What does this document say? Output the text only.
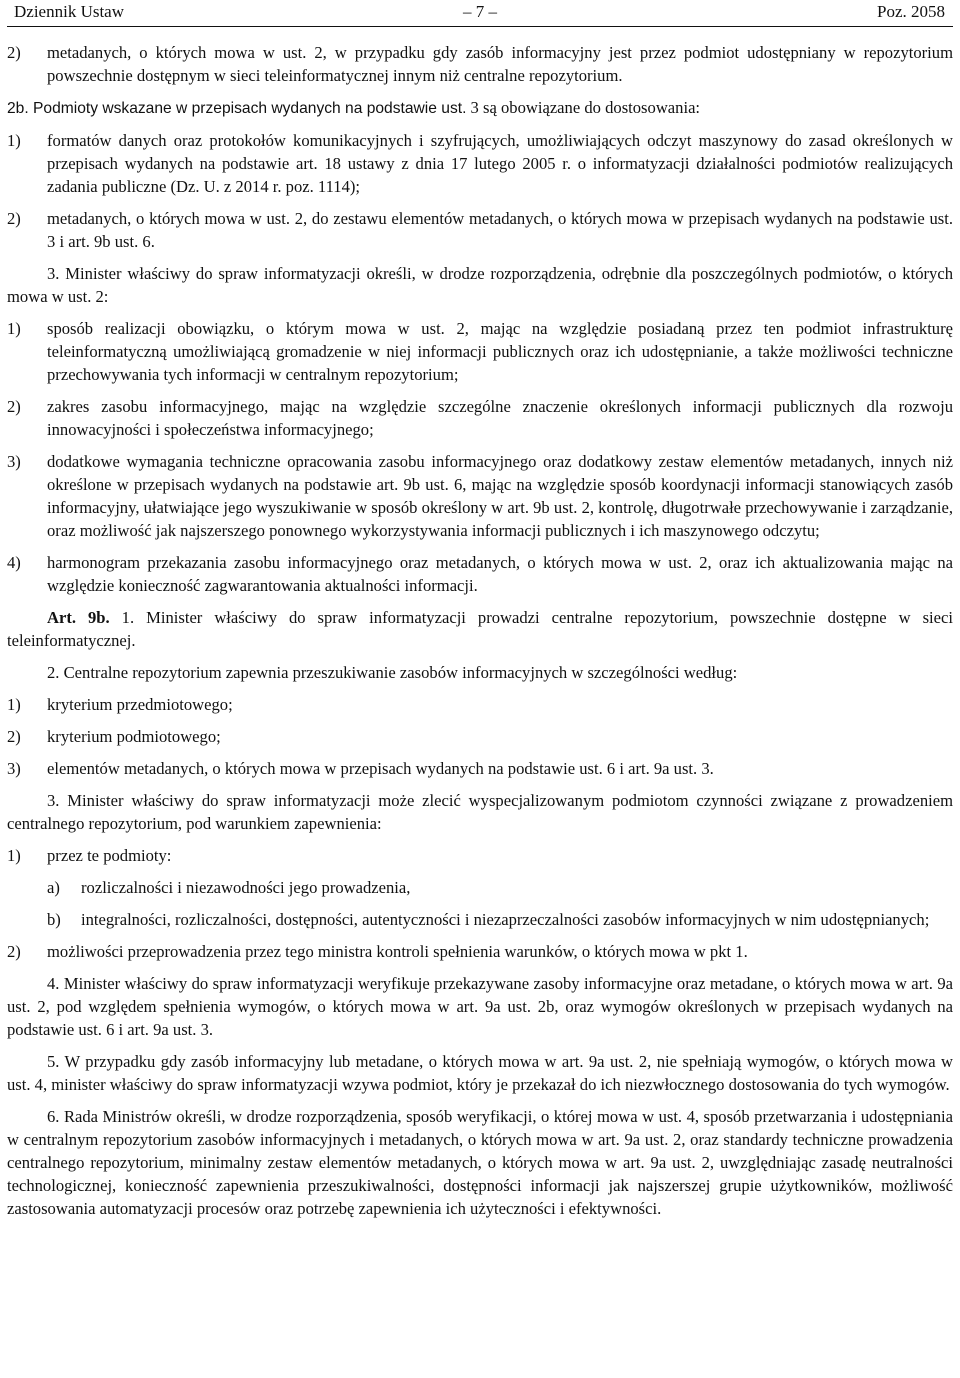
Dziennik Ustaw	– 7 –	Poz. 2058
2)	metadanych, o których mowa w ust. 2, w przypadku gdy zasób informacyjny jest przez podmiot udostępniany w repozytorium powszechnie dostępnym w sieci teleinformatycznej innym niż centralne repozytorium.

2b. Podmioty wskazane w przepisach wydanych na podstawie ust. 3 są obowiązane do dostosowania:

1)	formatów danych oraz protokołów komunikacyjnych i szyfrujących, umożliwiających odczyt maszynowy do zasad określonych w przepisach wydanych na podstawie art. 18 ustawy z dnia 17 lutego 2005 r. o informatyzacji działalności podmiotów realizujących zadania publiczne (Dz. U. z 2014 r. poz. 1114);
2)	metadanych, o których mowa w ust. 2, do zestawu elementów metadanych, o których mowa w przepisach wydanych na podstawie ust. 3 i art. 9b ust. 6.

3. Minister właściwy do spraw informatyzacji określi, w drodze rozporządzenia, odrębnie dla poszczególnych podmiotów, o których mowa w ust. 2:

1)	sposób realizacji obowiązku, o którym mowa w ust. 2, mając na względzie posiadaną przez ten podmiot infrastrukturę teleinformatyczną umożliwiającą gromadzenie w niej informacji publicznych oraz ich udostępnianie, a także możliwości techniczne przechowywania tych informacji w centralnym repozytorium;
2)	zakres zasobu informacyjnego, mając na względzie szczególne znaczenie określonych informacji publicznych dla rozwoju innowacyjności i społeczeństwa informacyjnego;
3)	dodatkowe wymagania techniczne opracowania zasobu informacyjnego oraz dodatkowy zestaw elementów metadanych, innych niż określone w przepisach wydanych na podstawie art. 9b ust. 6, mając na względzie sposób koordynacji informacji stanowiących zasób informacyjny, ułatwiające jego wyszukiwanie w sposób określony w art. 9b ust. 2, kontrolę, długotrwałe przechowywanie i zarządzanie, oraz możliwość jak najszerszego ponownego wykorzystywania informacji publicznych i ich maszynowego odczytu;
4)	harmonogram przekazania zasobu informacyjnego oraz metadanych, o których mowa w ust. 2, oraz ich aktualizowania mając na względzie konieczność zagwarantowania aktualności informacji.

Art. 9b. 1. Minister właściwy do spraw informatyzacji prowadzi centralne repozytorium, powszechnie dostępne w sieci teleinformatycznej.

2. Centralne repozytorium zapewnia przeszukiwanie zasobów informacyjnych w szczególności według:

1)	kryterium przedmiotowego;
2)	kryterium podmiotowego;
3)	elementów metadanych, o których mowa w przepisach wydanych na podstawie ust. 6 i art. 9a ust. 3.

3. Minister właściwy do spraw informatyzacji może zlecić wyspecjalizowanym podmiotom czynności związane z prowadzeniem centralnego repozytorium, pod warunkiem zapewnienia:

1)	przez te podmioty:
a)	rozliczalności i niezawodności jego prowadzenia,
b)	integralności, rozliczalności, dostępności, autentyczności i niezaprzeczalności zasobów informacyjnych w nim udostępnianych;
2)	możliwości przeprowadzenia przez tego ministra kontroli spełnienia warunków, o których mowa w pkt 1.

4. Minister właściwy do spraw informatyzacji weryfikuje przekazywane zasoby informacyjne oraz metadane, o których mowa w art. 9a ust. 2, pod względem spełnienia wymogów, o których mowa w art. 9a ust. 2b, oraz wymogów określonych w przepisach wydanych na podstawie ust. 6 i art. 9a ust. 3.

5. W przypadku gdy zasób informacyjny lub metadane, o których mowa w art. 9a ust. 2, nie spełniają wymogów, o których mowa w ust. 4, minister właściwy do spraw informatyzacji wzywa podmiot, który je przekazał do ich niezwłocznego dostosowania do tych wymogów.

6. Rada Ministrów określi, w drodze rozporządzenia, sposób weryfikacji, o której mowa w ust. 4, sposób przetwarzania i udostępniania w centralnym repozytorium zasobów informacyjnych i metadanych, o których mowa w art. 9a ust. 2, oraz standardy techniczne prowadzenia centralnego repozytorium, minimalny zestaw elementów metadanych, o których mowa w art. 9a ust. 2, uwzględniając zasadę neutralności technologicznej, konieczność zapewnienia przeszukiwalności, dostępności informacji jak najszerszej grupie użytkowników, możliwość zastosowania automatyzacji procesów oraz potrzebę zapewnienia ich użyteczności i efektywności.
